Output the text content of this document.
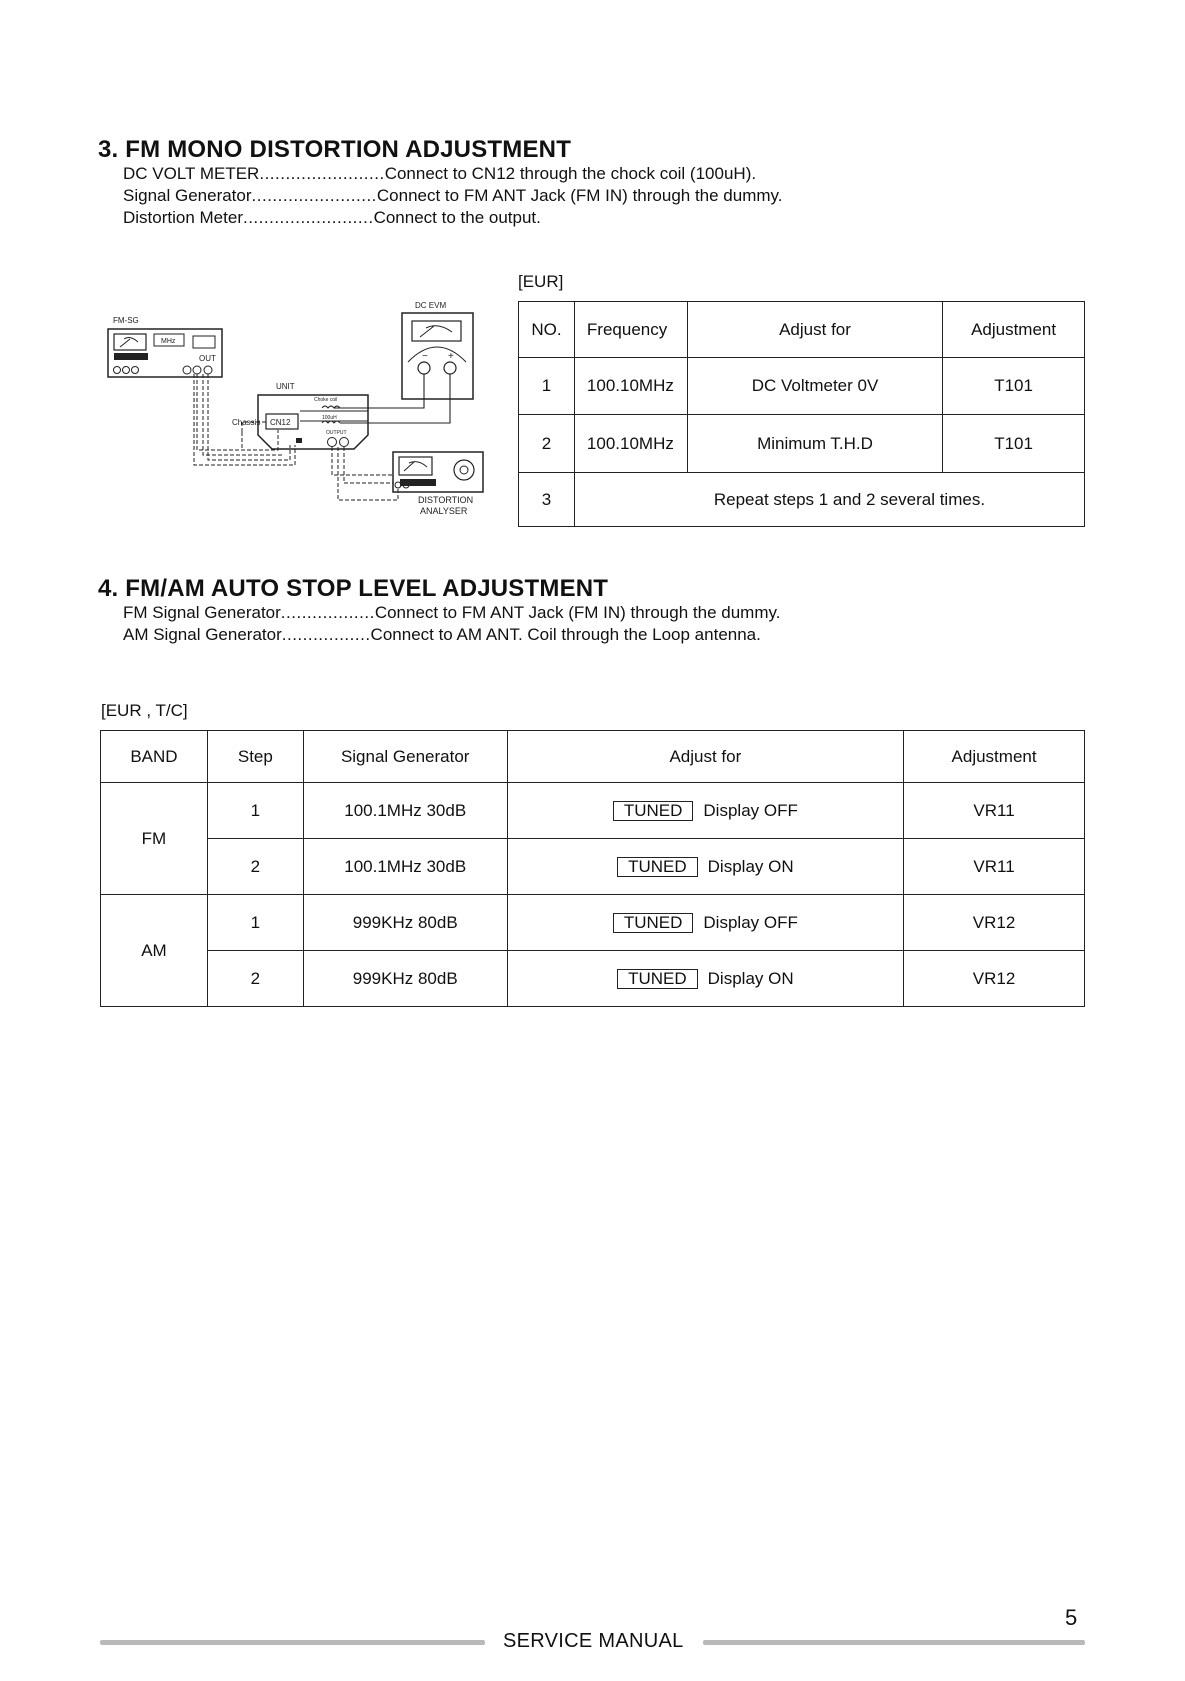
3. FM MONO DISTORTION ADJUSTMENT
DC VOLT METER........................Connect to CN12 through the chock coil (100uH).
Signal Generator........................Connect to FM ANT Jack (FM IN) through the dummy.
Distortion Meter.........................Connect to the output.
[EUR]
FM-SG
MHz
OUT
DC EVM
− +
UNIT
CN12
Choke coil
100uH
OUTPUT
Chassis
DISTORTION
ANALYSER
NO.	Frequency	Adjust for	Adjustment
1	100.10MHz	DC Voltmeter 0V	T101
2	100.10MHz	Minimum T.H.D	T101
3	Repeat steps 1 and 2 several times.		
4. FM/AM AUTO STOP LEVEL ADJUSTMENT
FM Signal Generator..................Connect to FM ANT Jack (FM IN) through the dummy.
AM Signal Generator.................Connect to AM ANT. Coil through the Loop antenna.
[EUR , T/C]
BAND	Step	Signal Generator	Adjust for	Adjustment
FM	1	100.1MHz 30dB	TUNED Display OFF	VR11
	2	100.1MHz 30dB	TUNED Display ON	VR11
AM	1	999KHz 80dB	TUNED Display OFF	VR12
	2	999KHz 80dB	TUNED Display ON	VR12
5
SERVICE MANUAL
